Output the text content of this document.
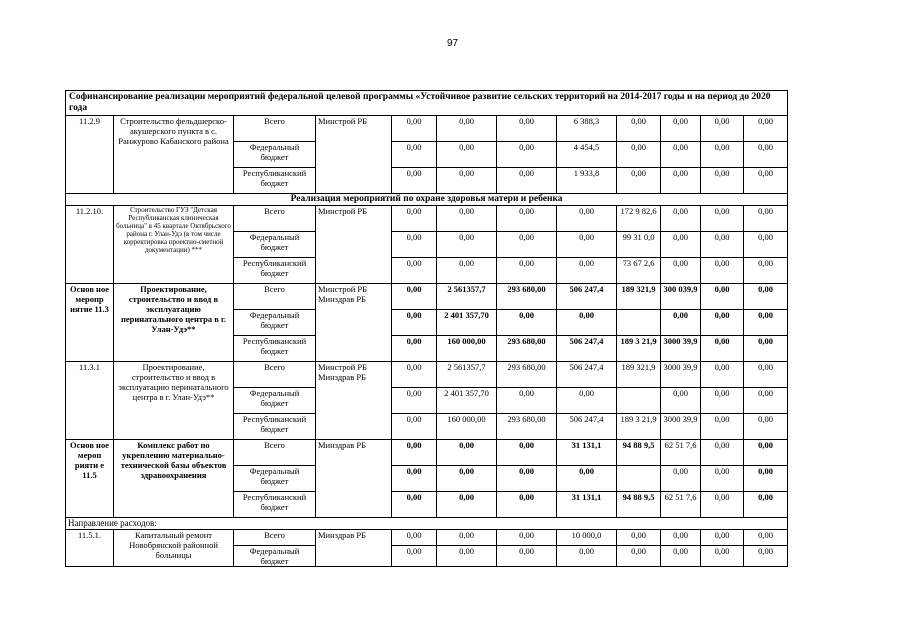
97
Софинансирование реализации мероприятий федеральной целевой программы «Устойчивое развитие сельских территорий на 2014-2017 годы и на период до 2020 года											
11.2.9	Строительство фельдшерско-акушерского пункта в с. Ранжурово Кабанского района	Всего	Минстрой РБ	0,00	0,00	0,00	6 388,3	0,00	0,00	0,00	0,00
		Федеральный бюджет		0,00	0,00	0,00	4 454,5	0,00	0,00	0,00	0,00
		Республиканский бюджет		0,00	0,00	0,00	1 933,8	0,00	0,00	0,00	0,00
Реализация мероприятий по охране здоровья матери и ребенка											
11.2.10.	Строительство ГУЗ "Детская Республиканская клиническая больница" в 45 квартале Октябрьского района г. Улан-Удэ (в том числе корректировка проектно-сметной документации) ***	Всего	Минстрой РБ	0,00	0,00	0,00	0,00	172 9 82,6	0,00	0,00	0,00
		Федеральный бюджет		0,00	0,00	0,00	0,00	99 31 0,0	0,00	0,00	0,00
		Республиканский бюджет		0,00	0,00	0,00	0,00	73 67 2,6	0,00	0,00	0,00
Основ ное меропр иятие 11.3	Проектирование, строительство и ввод в эксплуатацию перинатального центра в г. Улан-Удэ**	Всего	Минстрой РБ Минздрав РБ	0,00	2 561357,7	293 680,00	506 247,4	189 321,9	300 039,9	0,00	0,00
		Федеральный бюджет		0,00	2 401 357,70	0,00	0,00		0,00	0,00	0,00
		Республиканский бюджет		0,00	160 000,00	293 680,00	506 247,4	189 3 21,9	3000 39,9	0,00	0,00
11.3.1	Проектирование, строительство и ввод в эксплуатацию перинатального центра в г. Улан-Удэ**	Всего	Минстрой РБ Минздрав РБ	0,00	2 561357,7	293 680,00	506 247,4	189 321,9	3000 39,9	0,00	0,00
		Федеральный бюджет		0,00	2 401 357,70	0,00	0,00		0,00	0,00	0,00
		Республиканский бюджет		0,00	160 000,00	293 680,00	506 247,4	189 3 21,9	3000 39,9	0,00	0,00
Основ ное мероп рияти е 11.5	Комплекс работ по укреплению материально-технической базы объектов здравоохранения	Всего	Минздрав РБ	0,00	0,00	0,00	31 131,1	94 88 9,5	62 51 7,6	0,00	0,00
		Федеральный бюджет		0,00	0,00	0,00	0,00		0,00	0,00	0,00
		Республиканский бюджет		0,00	0,00	0,00	31 131,1	94 88 9,5	62 51 7,6	0,00	0,00
Направление расходов:											
11.5.1.	Капитальный ремонт Новобрянской районной больницы	Всего	Минздрав РБ	0,00	0,00	0,00	10 000,0	0,00	0,00	0,00	0,00
		Федеральный бюджет		0,00	0,00	0,00	0,00	0,00	0,00	0,00	0,00
